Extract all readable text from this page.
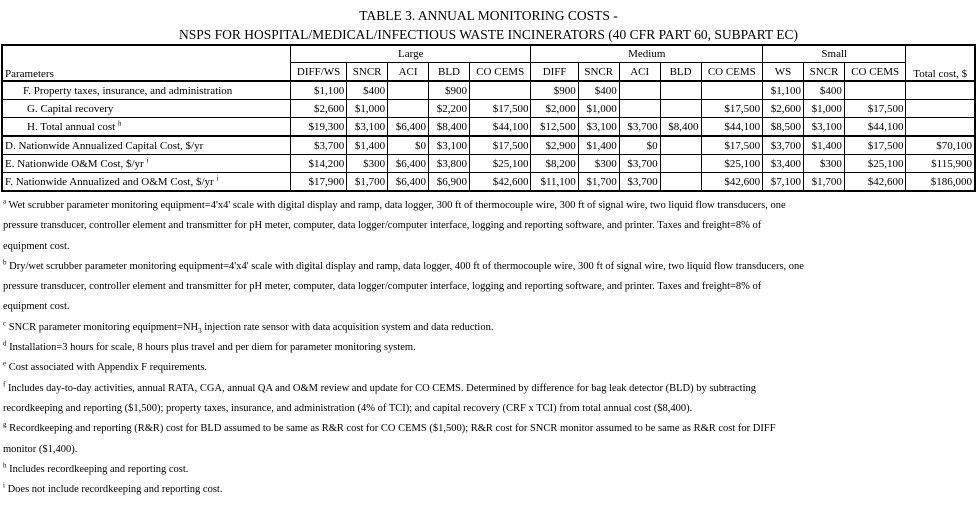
TABLE 3. ANNUAL MONITORING COSTS -
NSPS FOR HOSPITAL/MEDICAL/INFECTIOUS WASTE INCINERATORS (40 CFR PART 60, SUBPART EC)
Parameters	Large					Medium					Small			Total cost, $
	DIFF/WS	SNCR	ACI	BLD	CO CEMS	DIFF	SNCR	ACI	BLD	CO CEMS	WS	SNCR	CO CEMS	
F. Property taxes, insurance, and administration	$1,100	$400		$900		$900	$400				$1,100	$400		
G. Capital recovery	$2,600	$1,000		$2,200	$17,500	$2,000	$1,000			$17,500	$2,600	$1,000	$17,500	
H. Total annual cost $^h$	$19,300	$3,100	$6,400	$8,400	$44,100	$12,500	$3,100	$3,700	$8,400	$44,100	$8,500	$3,100	$44,100	
D. Nationwide Annualized Capital Cost, $/yr	$3,700	$1,400	$0	$3,100	$17,500	$2,900	$1,400	$0		$17,500	$3,700	$1,400	$17,500	$70,100
E. Nationwide O&M Cost, $/yr $^i$	$14,200	$300	$6,400	$3,800	$25,100	$8,200	$300	$3,700		$25,100	$3,400	$300	$25,100	$115,900
F. Nationwide Annualized and O&M Cost, $/yr $^i$	$17,900	$1,700	$6,400	$6,900	$42,600	$11,100	$1,700	$3,700		$42,600	$7,100	$1,700	$42,600	$186,000
$^a$ Wet scrubber parameter monitoring equipment=4'x4' scale with digital display and ramp, data logger, 300 ft of thermocouple wire, 300 ft of signal wire, two liquid flow transducers, one
pressure transducer, controller element and transmitter for pH meter, computer, data logger/computer interface, logging and reporting software, and printer. Taxes and freight=8% of
equipment cost.
$^b$ Dry/wet scrubber parameter monitoring equipment=4'x4' scale with digital display and ramp, data logger, 400 ft of thermocouple wire, 300 ft of signal wire, two liquid flow transducers, one
pressure transducer, controller element and transmitter for pH meter, computer, data logger/computer interface, logging and reporting software, and printer. Taxes and freight=8% of
equipment cost.
$^c$ SNCR parameter monitoring $equipment=NH_3$ injection rate sensor with data acquisition system and data reduction.
$^d$ Installation=3 hours for scale, 8 hours plus travel and per diem for parameter monitoring system.
$^e$ Cost associated with Appendix F requirements.
$^f$ Includes day-to-day activities, annual RATA, CGA, annual QA and O&M review and update for CO CEMS. Determined by difference for bag leak detector (BLD) by subtracting
recordkeeping and reporting ($1,500); property taxes, insurance, and administration (4% of TCI); and capital recovery (CRF x TCI) from total annual cost ($8,400).
$^g$ Recordkeeping and reporting (R&R) cost for BLD assumed to be same as R&R cost for CO CEMS ($1,500); R&R cost for SNCR monitor assumed to be same as R&R cost for DIFF
monitor ($1,400).
$^h$ Includes recordkeeping and reporting cost.
$^i$ Does not include recordkeeping and reporting cost.
